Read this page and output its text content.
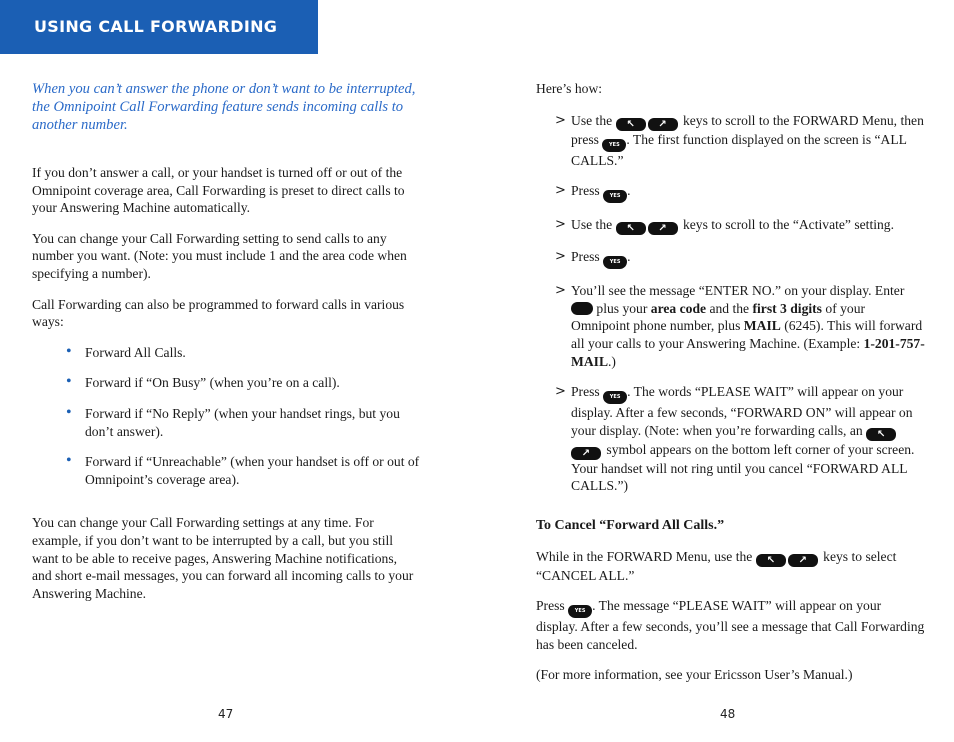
USING CALL FORWARDING

When you can’t answer the phone or don’t want to be interrupted, the Omnipoint Call Forwarding feature sends incoming calls to another number.

If you don’t answer a call, or your handset is turned off or out of the Omnipoint coverage area, Call Forwarding is preset to direct calls to your Answering Machine automatically.

You can change your Call Forwarding setting to send calls to any number you want. (Note: you must include 1 and the area code when specifying a number).

Call Forwarding can also be programmed to forward calls in various ways:

• Forward All Calls.
• Forward if “On Busy” (when you’re on a call).
• Forward if “No Reply” (when your handset rings, but you don’t answer).
• Forward if “Unreachable” (when your handset is off or out of Omnipoint’s coverage area).

You can change your Call Forwarding settings at any time. For example, if you don’t want to be interrupted by a call, but you still want to be able to receive pages, Answering Machine notifications, and short e-mail messages, you can forward all incoming calls to your Answering Machine.

Here’s how:

> Use the ↖ ↗ keys to scroll to the FORWARD Menu, then press YES . The first function displayed on the screen is “ALL CALLS.”
> Press YES .
> Use the ↖ ↗ keys to scroll to the “Activate” setting.
> Press YES .
> You’ll see the message “ENTER NO.” on your display. Enter  plus your area code and the first 3 digits of your Omnipoint phone number, plus MAIL (6245). This will forward all your calls to your Answering Machine. (Example: 1-201-757-MAIL.)
> Press YES . The words “PLEASE WAIT” will appear on your display. After a few seconds, “FORWARD ON” will appear on your display. (Note: when you’re forwarding calls, an ↖↗ symbol appears on the bottom left corner of your screen. Your handset will not ring until you cancel “FORWARD ALL CALLS.”)
To Cancel “Forward All Calls.”

While in the FORWARD Menu, use the ↖ ↗ keys to select “CANCEL ALL.”

Press YES . The message “PLEASE WAIT” will appear on your display. After a few seconds, you’ll see a message that Call Forwarding has been canceled.

(For more information, see your Ericsson User’s Manual.)

47	48
